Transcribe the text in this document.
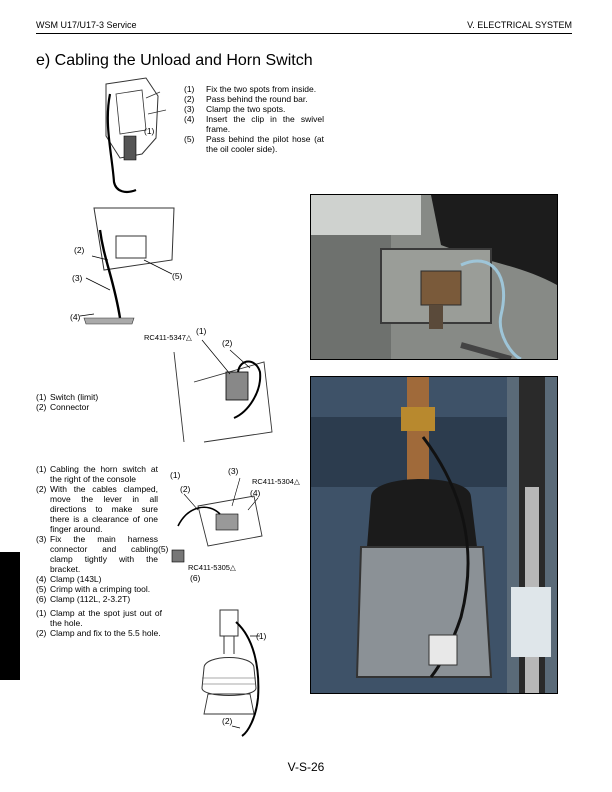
WSM U17/U17-3 Service	V. ELECTRICAL SYSTEM
e) Cabling the Unload and Horn Switch
(1)	Fix the two spots from inside.
(2)	Pass behind the round bar.
(3)	Clamp the two spots.
(4)	Insert the clip in the swivel frame.
(5)	Pass behind the pilot hose (at the oil cooler side).
(1) Switch (limit)
(2) Connector
(1) Cabling the horn switch at the right of the console
(2) With the cables clamped, move the lever in all directions to make sure there is a clearance of one finger around.
(3) Fix the main harness connector and cabling clamp tightly with the bracket.
(4) Clamp (143L)
(5) Crimp with a crimping tool.
(6) Clamp (112L, 2-3.2T)
(1) Clamp at the spot just out of the hole.
(2) Clamp and fix to the 5.5 hole.
(1)
(2)
(3)
(4)
(5)
RC411-5347△
(1)
(2)
(1)	(3)
RC411-5304△
(2)	(4)
(5)
RC411-5305△
(6)
(1)
(2)
V-S-26
